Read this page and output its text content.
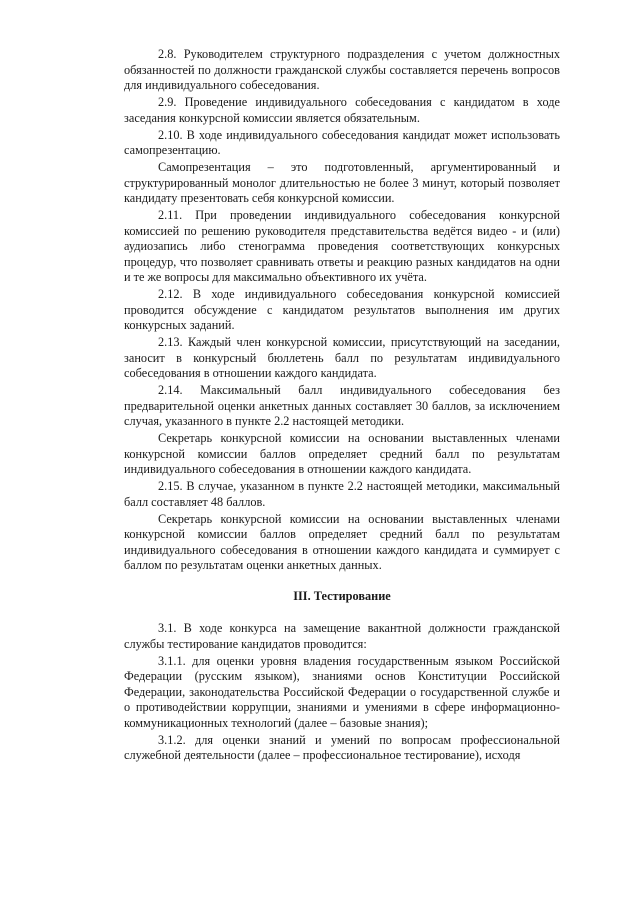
2.8. Руководителем структурного подразделения с учетом должностных обязанностей по должности гражданской службы составляется перечень вопросов для индивидуального собеседования.

2.9. Проведение индивидуального собеседования с кандидатом в ходе заседания конкурсной комиссии является обязательным.

2.10. В ходе индивидуального собеседования кандидат может использовать самопрезентацию.

Самопрезентация – это подготовленный, аргументированный и структурированный монолог длительностью не более 3 минут, который позволяет кандидату презентовать себя конкурсной комиссии.

2.11. При проведении индивидуального собеседования конкурсной комиссией по решению руководителя представительства ведётся видео - и (или) аудиозапись либо стенограмма проведения соответствующих конкурсных процедур, что позволяет сравнивать ответы и реакцию разных кандидатов на одни и те же вопросы для максимально объективного их учёта.

2.12. В ходе индивидуального собеседования конкурсной комиссией проводится обсуждение с кандидатом результатов выполнения им других конкурсных заданий.

2.13. Каждый член конкурсной комиссии, присутствующий на заседании, заносит в конкурсный бюллетень балл по результатам индивидуального собеседования в отношении каждого кандидата.

2.14. Максимальный балл индивидуального собеседования без предварительной оценки анкетных данных составляет 30 баллов, за исключением случая, указанного в пункте 2.2 настоящей методики.

Секретарь конкурсной комиссии на основании выставленных членами конкурсной комиссии баллов определяет средний балл по результатам индивидуального собеседования в отношении каждого кандидата.

2.15. В случае, указанном в пункте 2.2 настоящей методики, максимальный балл составляет 48 баллов.

Секретарь конкурсной комиссии на основании выставленных членами конкурсной комиссии баллов определяет средний балл по результатам индивидуального собеседования в отношении каждого кандидата и суммирует с баллом по результатам оценки анкетных данных.

III. Тестирование

3.1. В ходе конкурса на замещение вакантной должности гражданской службы тестирование кандидатов проводится:

3.1.1. для оценки уровня владения государственным языком Российской Федерации (русским языком), знаниями основ Конституции Российской Федерации, законодательства Российской Федерации о государственной службе и о противодействии коррупции, знаниями и умениями в сфере информационно-коммуникационных технологий (далее – базовые знания);

3.1.2. для оценки знаний и умений по вопросам профессиональной служебной деятельности (далее – профессиональное тестирование), исходя
